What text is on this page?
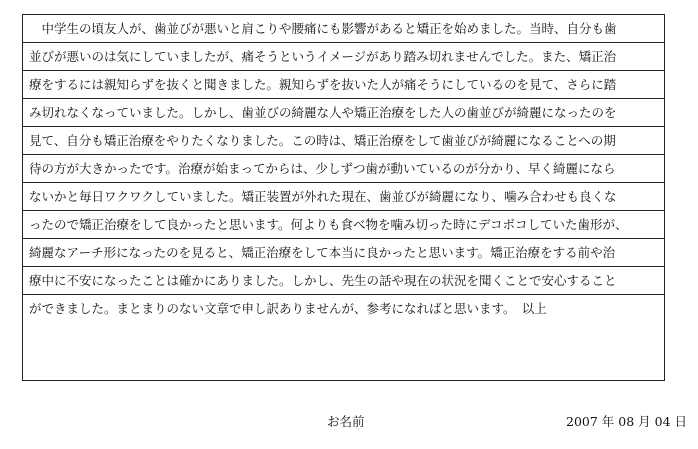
　中学生の頃友人が、歯並びが悪いと肩こりや腰痛にも影響があると矯正を始めました。当時、自分も歯
並びが悪いのは気にしていましたが、痛そうというイメージがあり踏み切れませんでした。また、矯正治
療をするには親知らずを抜くと聞きました。親知らずを抜いた人が痛そうにしているのを見て、さらに踏
み切れなくなっていました。しかし、歯並びの綺麗な人や矯正治療をした人の歯並びが綺麗になったのを
見て、自分も矯正治療をやりたくなりました。この時は、矯正治療をして歯並びが綺麗になることへの期
待の方が大きかったです。治療が始まってからは、少しずつ歯が動いているのが分かり、早く綺麗になら
ないかと毎日ワクワクしていました。矯正装置が外れた現在、歯並びが綺麗になり、噛み合わせも良くな
ったので矯正治療をして良かったと思います。何よりも食べ物を噛み切った時にデコボコしていた歯形が、
綺麗なアーチ形になったのを見ると、矯正治療をして本当に良かったと思います。矯正治療をする前や治
療中に不安になったことは確かにありました。しかし、先生の話や現在の状況を聞くことで安心すること
ができました。まとまりのない文章で申し訳ありませんが、参考になればと思います。　以上
お名前	2007 年 08 月 04 日
